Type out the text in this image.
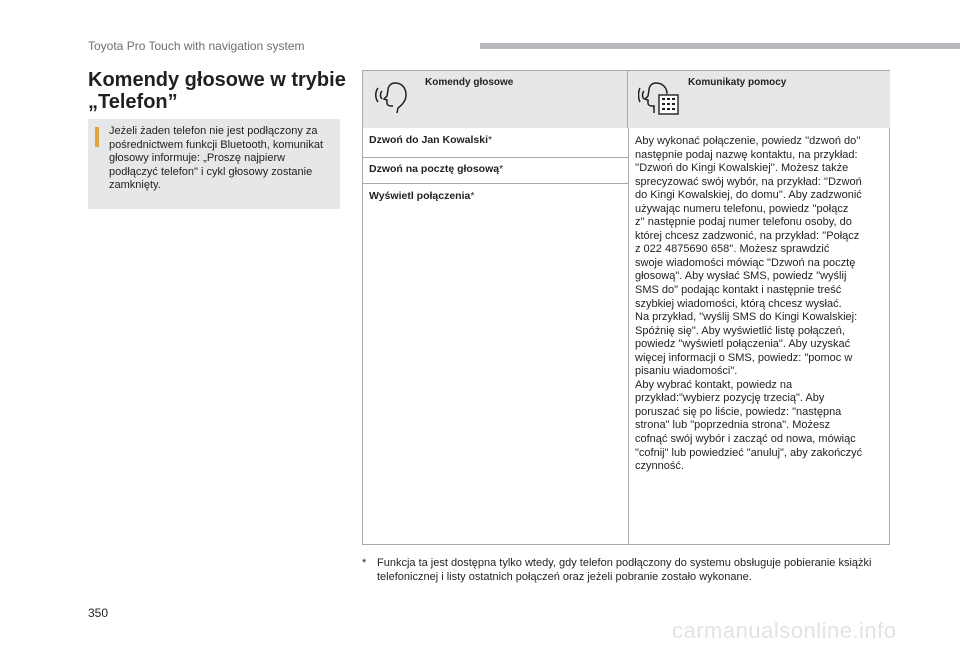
Toyota Pro Touch with navigation system
Komendy głosowe w trybie „Telefon”
Jeżeli żaden telefon nie jest podłączony za pośrednictwem funkcji Bluetooth, komunikat głosowy informuje: „Proszę najpierw podłączyć telefon" i cykl głosowy zostanie zamknięty.
Komendy głosowe	Komunikaty pomocy
Dzwoń do Jan Kowalski*
Dzwoń na pocztę głosową*
Wyświetl połączenia*
Aby wykonać połączenie, powiedz ''dzwoń do''
następnie podaj nazwę kontaktu, na przykład:
''Dzwoń do Kingi Kowalskiej''. Możesz także
sprecyzować swój wybór, na przykład: ''Dzwoń
do Kingi Kowalskiej, do domu''. Aby zadzwonić
używając numeru telefonu, powiedz ''połącz
z'' następnie podaj numer telefonu osoby, do
której chcesz zadzwonić, na przykład: ''Połącz
z 022 4875690 658''. Możesz sprawdzić
swoje wiadomości mówiąc "Dzwoń na pocztę
głosową". Aby wysłać SMS, powiedz "wyślij
SMS do" podając kontakt i następnie treść
szybkiej wiadomości, którą chcesz wysłać.
Na przykład, "wyślij SMS do Kingi Kowalskiej:
Spóźnię się". Aby wyświetlić listę połączeń,
powiedz "wyświetl połączenia". Aby uzyskać
więcej informacji o SMS, powiedz: "pomoc w
pisaniu wiadomości".
Aby wybrać kontakt, powiedz na
przykład:"wybierz pozycję trzecią". Aby
poruszać się po liście, powiedz: "następna
strona" lub "poprzednia strona". Możesz
cofnąć swój wybór i zacząć od nowa, mówiąc
"cofnij" lub powiedzieć "anuluj", aby zakończyć
czynność.
* Funkcja ta jest dostępna tylko wtedy, gdy telefon podłączony do systemu obsługuje pobieranie książki telefonicznej i listy ostatnich połączeń oraz jeżeli pobranie zostało wykonane.
350
carmanualsonline.info
